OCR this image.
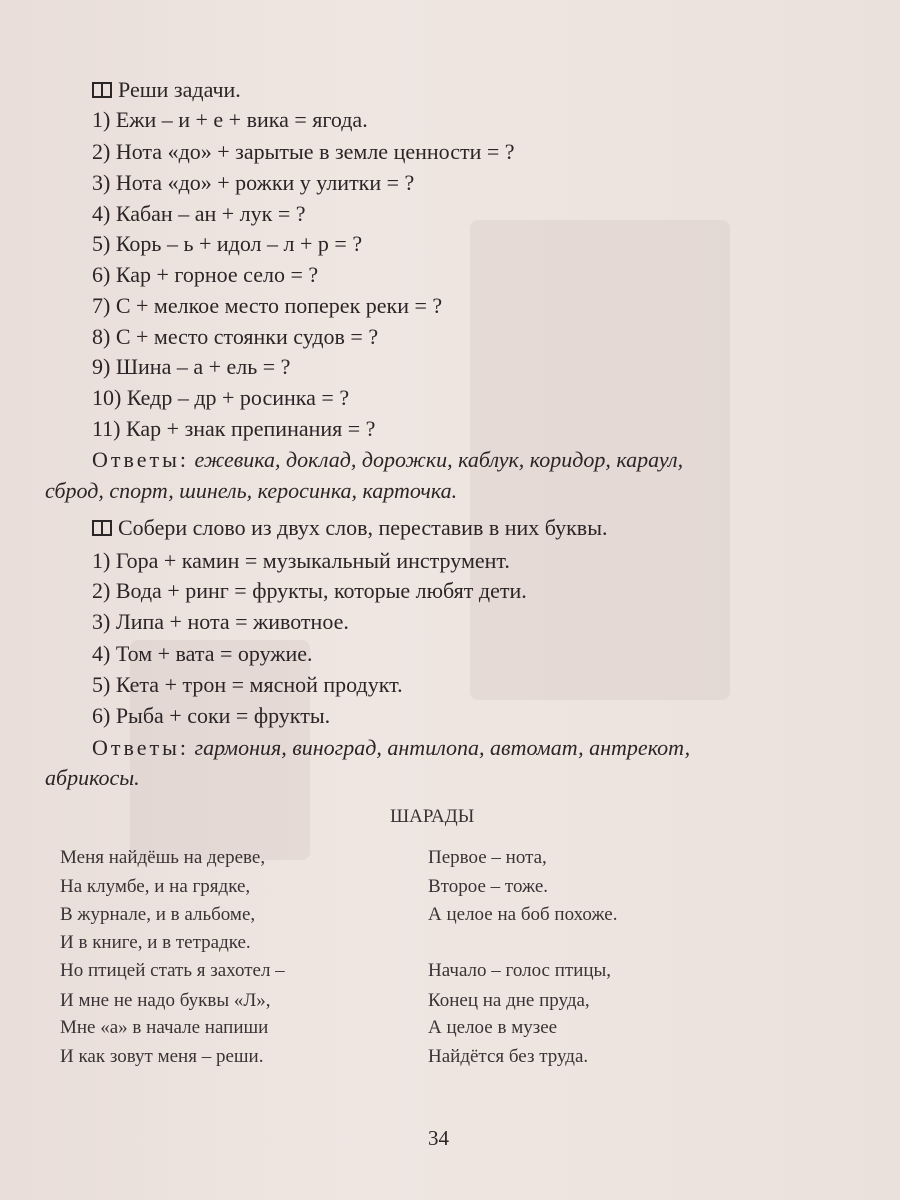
Реши задачи.
1) Ежи – и + е + вика = ягода.
2) Нота «до» + зарытые в земле ценности = ?
3) Нота «до» + рожки у улитки = ?
4) Кабан – ан + лук = ?
5) Корь – ь + идол – л + р = ?
6) Кар + горное село = ?
7) С + мелкое место поперек реки = ?
8) С + место стоянки судов = ?
9) Шина – а + ель = ?
10) Кедр – др + росинка = ?
11) Кар + знак препинания = ?
Ответы: ежевика, доклад, дорожки, каблук, коридор, караул,
сброд, спорт, шинель, керосинка, карточка.
Собери слово из двух слов, переставив в них буквы.
1) Гора + камин = музыкальный инструмент.
2) Вода + ринг = фрукты, которые любят дети.
3) Липа + нота = животное.
4) Том + вата = оружие.
5) Кета + трон = мясной продукт.
6) Рыба + соки = фрукты.
Ответы: гармония, виноград, антилопа, автомат, антрекот,
абрикосы.
ШАРАДЫ
Меня найдёшь на дереве,
На клумбе, и на грядке,
В журнале, и в альбоме,
И в книге, и в тетрадке.
Но птицей стать я захотел –
И мне не надо буквы «Л»,
Мне «а» в начале напиши
И как зовут меня – реши.
Первое – нота,
Второе – тоже.
А целое на боб похоже.
Начало – голос птицы,
Конец на дне пруда,
А целое в музее
Найдётся без труда.
34
